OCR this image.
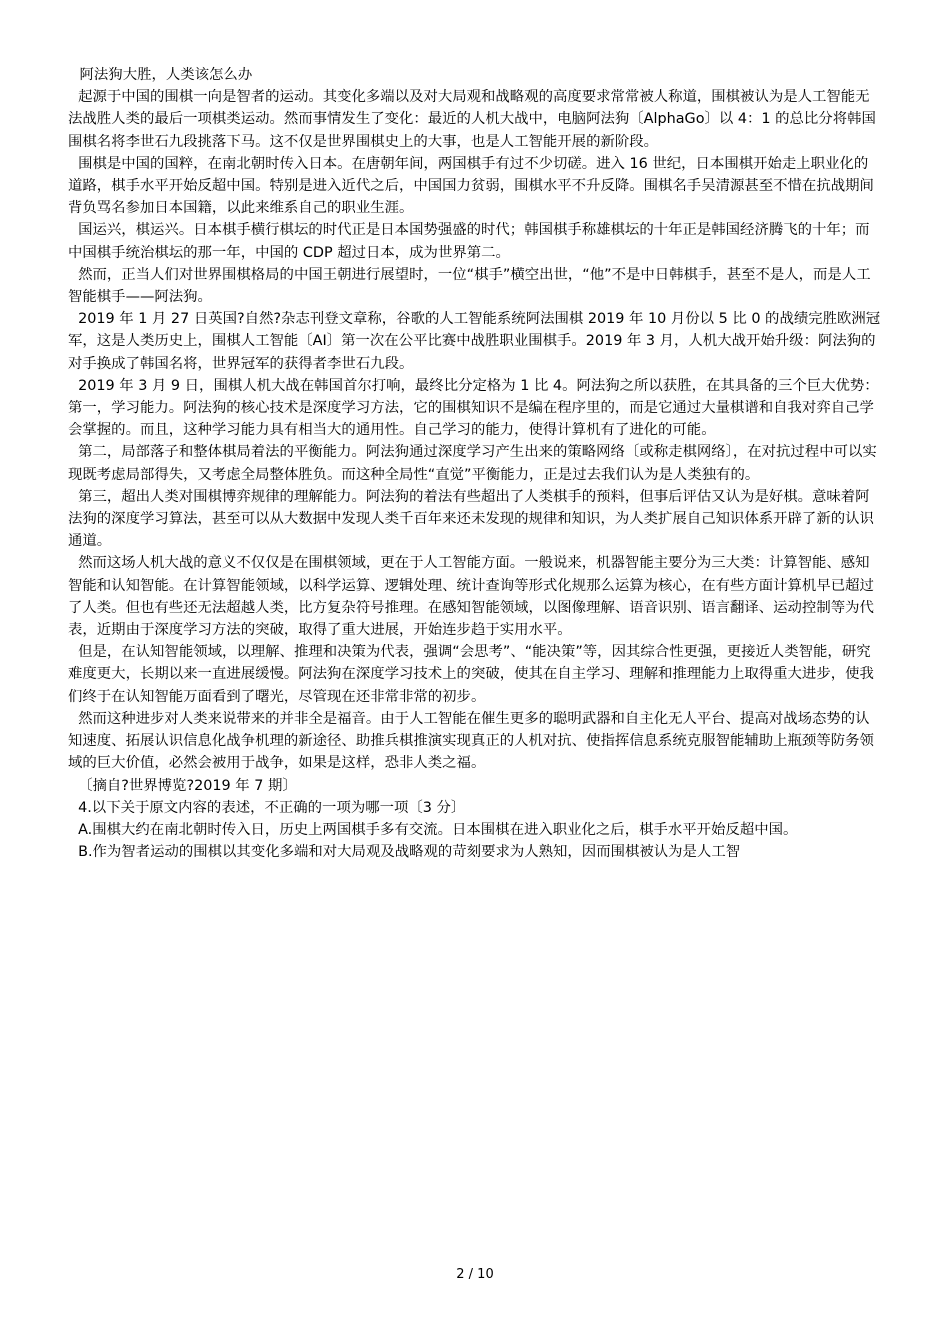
阿法狗大胜，人类该怎么办

起源于中国的围棋一向是智者的运动。其变化多端以及对大局观和战略观的高度要求常常被人称道，围棋被认为是人工智能无法战胜人类的最后一项棋类运动。然而事情发生了变化：最近的人机大战中，电脑阿法狗〔AlphaGo〕以 4：1 的总比分将韩国围棋名将李世石九段挑落下马。这不仅是世界围棋史上的大事，也是人工智能开展的新阶段。

围棋是中国的国粹，在南北朝时传入日本。在唐朝年间，两国棋手有过不少切磋。进入 16 世纪，日本围棋开始走上职业化的道路，棋手水平开始反超中国。特别是进入近代之后，中国国力贫弱，围棋水平不升反降。围棋名手吴清源甚至不惜在抗战期间背负骂名参加日本国籍，以此来维系自己的职业生涯。

国运兴，棋运兴。日本棋手横行棋坛的时代正是日本国势强盛的时代；韩国棋手称雄棋坛的十年正是韩国经济腾飞的十年；而中国棋手统治棋坛的那一年，中国的 CDP 超过日本，成为世界第二。

然而，正当人们对世界围棋格局的中国王朝进行展望时，一位“棋手”横空出世，“他”不是中日韩棋手，甚至不是人，而是人工智能棋手——阿法狗。

2019 年 1 月 27 日英国?自然?杂志刊登文章称，谷歌的人工智能系统阿法围棋 2019 年 10 月份以 5 比 0 的战绩完胜欧洲冠军，这是人类历史上，围棋人工智能〔AI〕第一次在公平比赛中战胜职业围棋手。2019 年 3 月，人机大战开始升级：阿法狗的对手换成了韩国名将，世界冠军的获得者李世石九段。

2019 年 3 月 9 日，围棋人机大战在韩国首尔打响，最终比分定格为 1 比 4。阿法狗之所以获胜，在其具备的三个巨大优势：第一，学习能力。阿法狗的核心技术是深度学习方法，它的围棋知识不是编在程序里的，而是它通过大量棋谱和自我对弈自己学会掌握的。而且，这种学习能力具有相当大的通用性。自己学习的能力，使得计算机有了进化的可能。

第二，局部落子和整体棋局着法的平衡能力。阿法狗通过深度学习产生出来的策略网络〔或称走棋网络〕，在对抗过程中可以实现既考虑局部得失，又考虑全局整体胜负。而这种全局性“直觉”平衡能力，正是过去我们认为是人类独有的。

第三，超出人类对围棋博弈规律的理解能力。阿法狗的着法有些超出了人类棋手的预料，但事后评估又认为是好棋。意味着阿法狗的深度学习算法，甚至可以从大数据中发现人类千百年来还未发现的规律和知识，为人类扩展自己知识体系开辟了新的认识通道。

然而这场人机大战的意义不仅仅是在围棋领域，更在于人工智能方面。一般说来，机器智能主要分为三大类：计算智能、感知智能和认知智能。在计算智能领域，以科学运算、逻辑处理、统计查询等形式化规那么运算为核心，在有些方面计算机早已超过了人类。但也有些还无法超越人类，比方复杂符号推理。在感知智能领域，以图像理解、语音识别、语言翻译、运动控制等为代表，近期由于深度学习方法的突破，取得了重大进展，开始连步趋于实用水平。

但是，在认知智能领域，以理解、推理和决策为代表，强调“会思考”、“能决策”等，因其综合性更强，更接近人类智能，研究难度更大，长期以来一直进展缓慢。阿法狗在深度学习技术上的突破，使其在自主学习、理解和推理能力上取得重大进步，使我们终于在认知智能万面看到了曙光，尽管现在还非常非常的初步。

然而这种进步对人类来说带来的并非全是福音。由于人工智能在催生更多的聪明武器和自主化无人平台、提高对战场态势的认知速度、拓展认识信息化战争机理的新途径、助推兵棋推演实现真正的人机对抗、使指挥信息系统克服智能辅助上瓶颈等防务领域的巨大价值，必然会被用于战争，如果是这样，恐非人类之福。

〔摘自?世界博览?2019 年 7 期〕

4.以下关于原文内容的表述，不正确的一项为哪一项〔3 分〕

A.围棋大约在南北朝时传入日，历史上两国棋手多有交流。日本围棋在进入职业化之后，棋手水平开始反超中国。

B.作为智者运动的围棋以其变化多端和对大局观及战略观的苛刻要求为人熟知，因而围棋被认为是人工智

2 / 10
